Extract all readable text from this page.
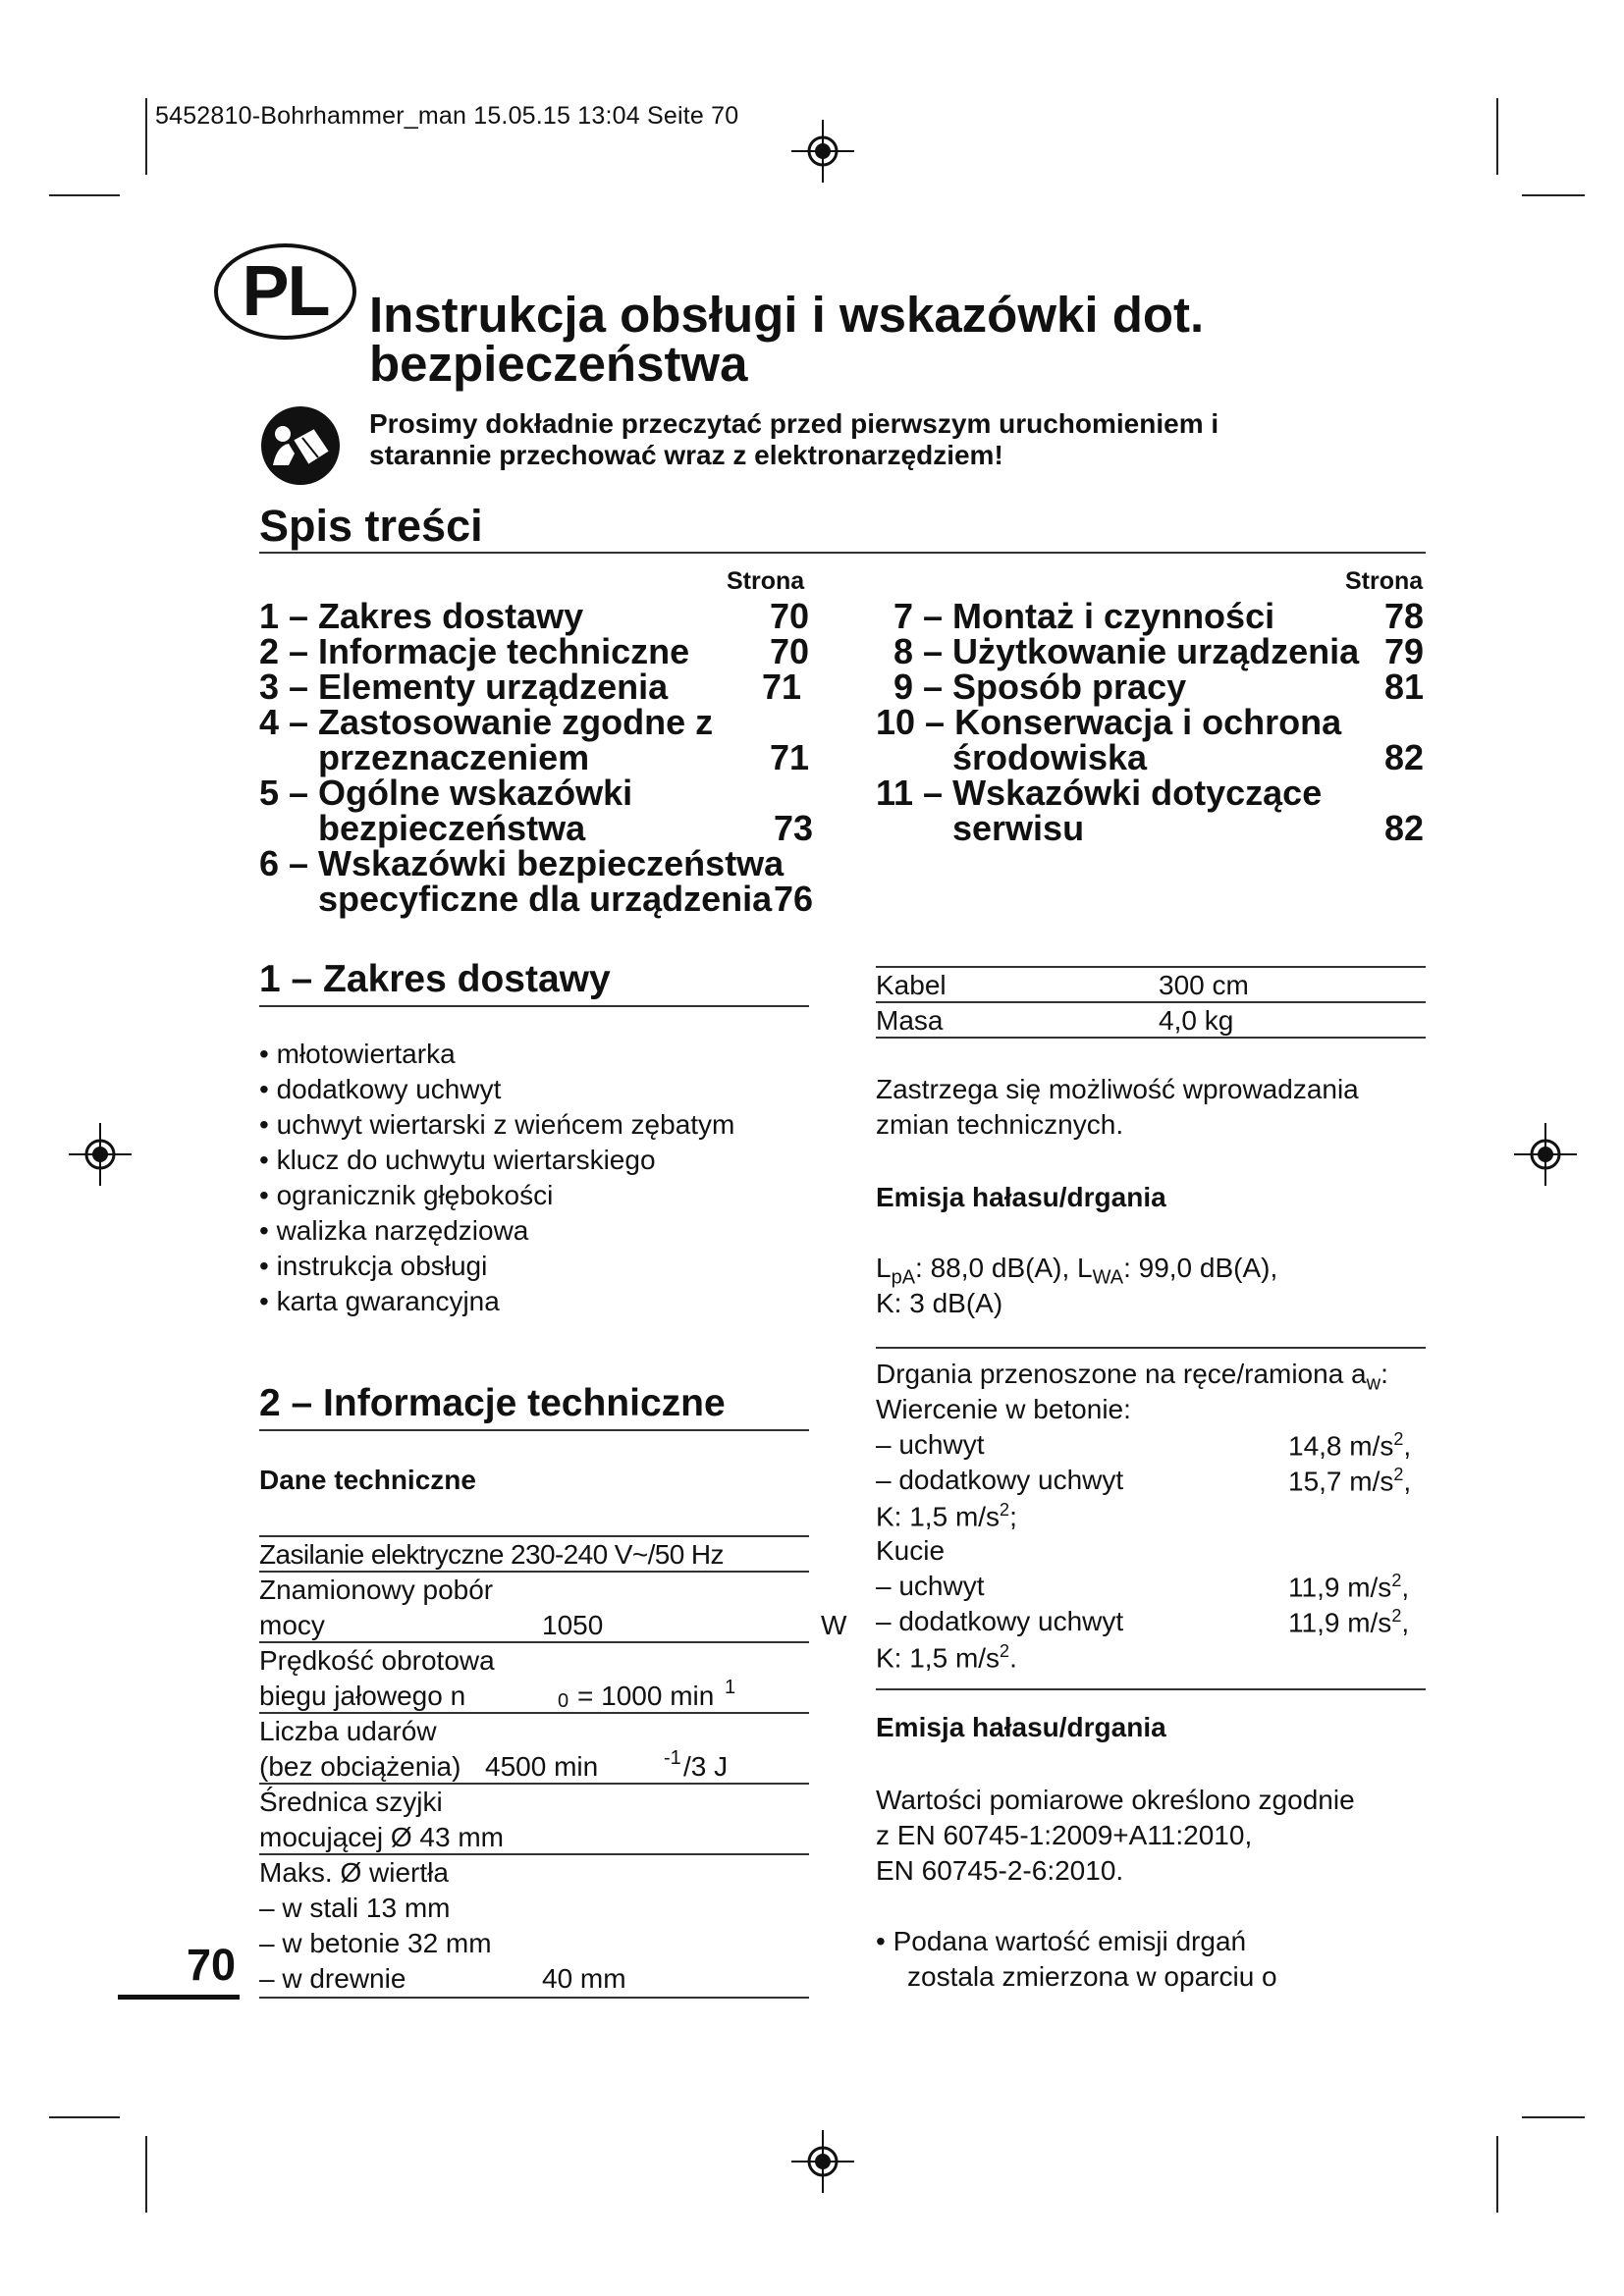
5452810-Bohrhammer_man 15.05.15 13:04 Seite 70
PL Instrukcja obsługi i wskazówki dot.
bezpieczeństwa
Prosimy dokładnie przeczytać przed pierwszym uruchomieniem i
starannie przechować wraz z elektronarzędziem!
Spis treści
Strona	Strona
1 – Zakres dostawy	70
2 – Informacje techniczne	70
3 – Elementy urządzenia	71
4 – Zastosowanie zgodne z
przeznaczeniem	71
5 – Ogólne wskazówki
bezpieczeństwa	73
6 – Wskazówki bezpieczeństwa
specyficzne dla urządzenia 76
7 – Montaż i czynności	78
8 – Użytkowanie urządzenia 79
9 – Sposób pracy	81
10 – Konserwacja i ochrona
środowiska	82
11 – Wskazówki dotyczące
serwisu	82
1 – Zakres dostawy
• młotowiertarka
• dodatkowy uchwyt
• uchwyt wiertarski z wieńcem zębatym
• klucz do uchwytu wiertarskiego
• ogranicznik głębokości
• walizka narzędziowa
• instrukcja obsługi
• karta gwarancyjna
2 – Informacje techniczne
Dane techniczne
Zasilanie elektryczne 230-240 V~/50 Hz
Znamionowy pobór
mocy	1050	W
Prędkość obrotowa
biegu jałowego n	0 = 1000 min 1
Liczba udarów
(bez obciążenia) 4500 min	-1 /3 J
Średnica szyjki
mocującej Ø 43 mm
Maks. Ø wiertła
– w stali 13 mm
– w betonie 32 mm
– w drewnie	40 mm
70
Kabel	300 cm
Masa	4,0 kg
Zastrzega się możliwość wprowadzania
zmian technicznych.
Emisja hałasu/drgania
$L_{pA}$: 88,0 dB(A), $L_{WA}$: 99,0 dB(A),
K: 3 dB(A)
Drgania przenoszone na ręce/ramiona $a_w$:
Wiercenie w betonie:
– uchwyt	14,8 $m/s^2$,
– dodatkowy uchwyt	15,7 $m/s^2$,
K: 1,5 $m/s^2$;
Kucie
– uchwyt	11,9 $m/s^2$,
– dodatkowy uchwyt	11,9 $m/s^2$,
K: 1,5 $m/s^2$.
Emisja hałasu/drgania
Wartości pomiarowe określono zgodnie
z EN 60745-1:2009+A11:2010,
EN 60745-2-6:2010.
• Podana wartość emisji drgań
zostala zmierzona w oparciu o
